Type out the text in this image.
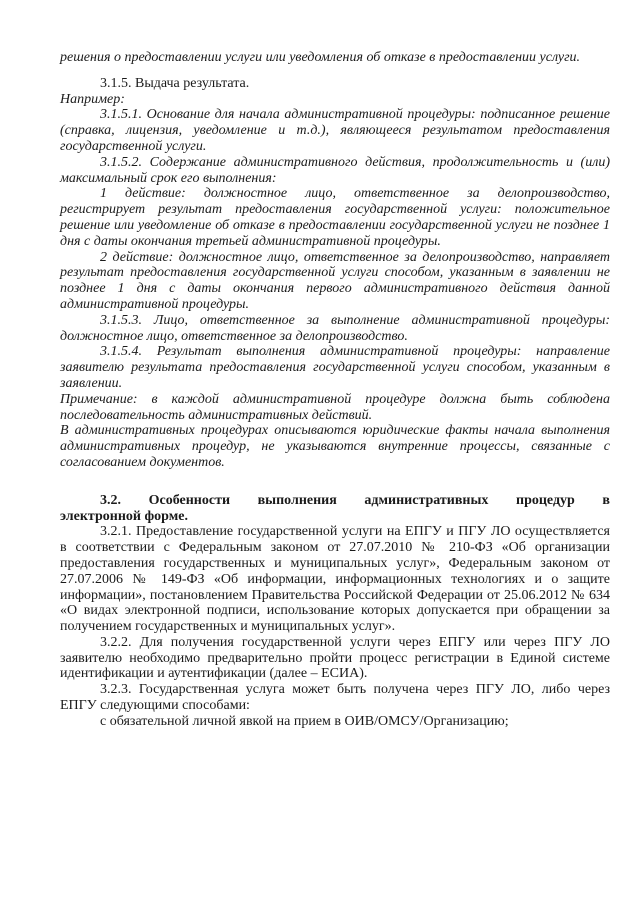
решения о предоставлении услуги или уведомления об отказе в предоставлении услуги.

3.1.5. Выдача результата.

Например:

3.1.5.1. Основание для начала административной процедуры: подписанное решение (справка, лицензия, уведомление и т.д.), являющееся результатом предоставления государственной услуги.

3.1.5.2. Содержание административного действия, продолжительность и (или) максимальный срок его выполнения:

1 действие: должностное лицо, ответственное за делопроизводство, регистрирует результат предоставления государственной услуги: положительное решение или уведомление об отказе в предоставлении государственной услуги не позднее 1 дня с даты окончания третьей административной процедуры.

2 действие: должностное лицо, ответственное за делопроизводство, направляет результат предоставления государственной услуги способом, указанным в заявлении не позднее 1 дня с даты окончания первого административного действия данной административной процедуры.

3.1.5.3. Лицо, ответственное за выполнение административной процедуры: должностное лицо, ответственное за делопроизводство.

3.1.5.4. Результат выполнения административной процедуры: направление заявителю результата предоставления государственной услуги способом, указанным в заявлении.

Примечание: в каждой административной процедуре должна быть соблюдена последовательность административных действий.

В административных процедурах описываются юридические факты начала выполнения административных процедур, не указываются внутренние процессы, связанные с согласованием документов.

3.2.    Особенности    выполнения    административных    процедур    в

электронной форме.

3.2.1. Предоставление государственной услуги на ЕПГУ и ПГУ ЛО осуществляется в соответствии с Федеральным законом от 27.07.2010 № 210-ФЗ «Об организации предоставления государственных и муниципальных услуг», Федеральным законом от 27.07.2006 № 149-ФЗ «Об информации, информационных технологиях и о защите информации», постановлением Правительства Российской Федерации от 25.06.2012 № 634 «О видах электронной подписи, использование которых допускается при обращении за получением государственных и муниципальных услуг».

3.2.2. Для получения государственной услуги через ЕПГУ или через ПГУ ЛО заявителю необходимо предварительно пройти процесс регистрации в Единой системе идентификации и аутентификации (далее – ЕСИА).

3.2.3. Государственная услуга может быть получена через ПГУ ЛО, либо через ЕПГУ следующими способами:

с обязательной личной явкой на прием в ОИВ/ОМСУ/Организацию;
